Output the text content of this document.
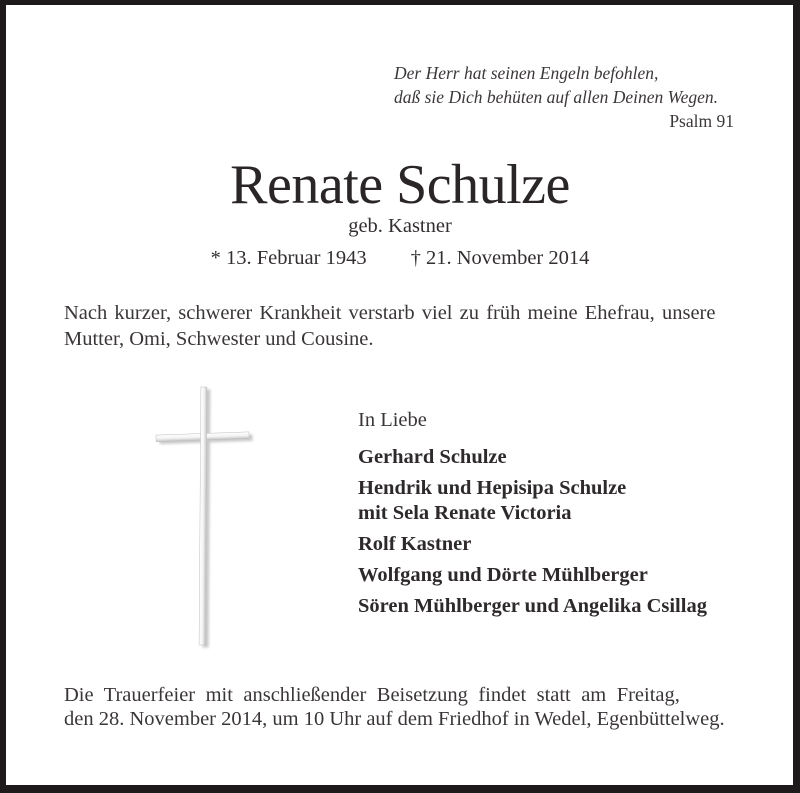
Der Herr hat seinen Engeln befohlen,
daß sie Dich behüten auf allen Deinen Wegen.
Psalm 91
Renate Schulze
geb. Kastner
* 13. Februar 1943 † 21. November 2014
Nach kurzer, schwerer Krankheit verstarb viel zu früh meine Ehefrau, unsere
Mutter, Omi, Schwester und Cousine.
In Liebe
Gerhard Schulze
Hendrik und Hepisipa Schulze
mit Sela Renate Victoria
Rolf Kastner
Wolfgang und Dörte Mühlberger
Sören Mühlberger und Angelika Csillag
Die Trauerfeier mit anschließender Beisetzung findet statt am Freitag,
den 28. November 2014, um 10 Uhr auf dem Friedhof in Wedel, Egenbüttelweg.
